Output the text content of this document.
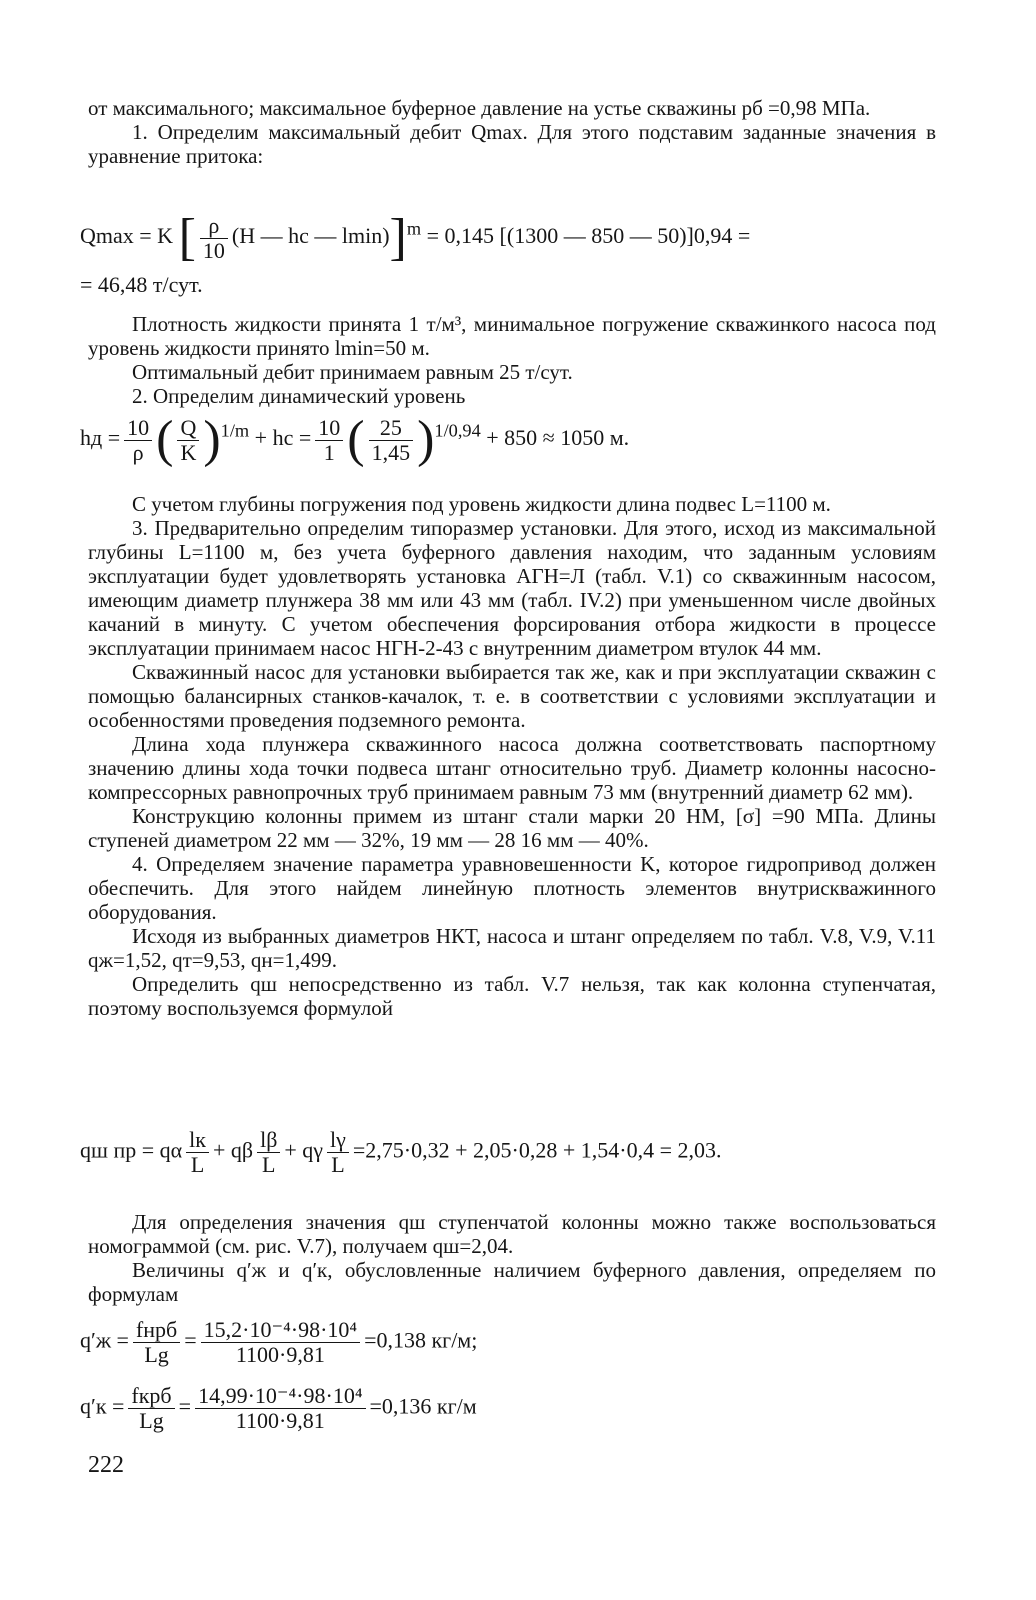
от максимального; максимальное буферное давление на устье скважины pб =0,98 МПа.

1. Определим максимальный дебит Qmax. Для этого подставим заданные значения в уравнение притока:

Qmax = K [ $\frac{\rho}{10} (H$ — hc — lmin)]$^m$ = 0,145 [(1300 — 850 — 50)]0,94 =
= 46,48 т/сут.

Плотность жидкости принята 1 т/м³, минимальное погружение скважинкого насоса под уровень жидкости принято lmin=50 м.

Оптимальный дебит принимаем равным 25 т/сут.

2. Определим динамический уровень

hд = $\frac{10}{\rho}$ ( $\frac{Q}{K} )^{1/m}$ + hc = $\frac{10}{1}$ ( $\frac{25}{1,45} )^{1/0,94} + 850 \approx 1050$ м.

С учетом глубины погружения под уровень жидкости длина подвес L=1100 м.

3. Предварительно определим типоразмер установки. Для этого, исход из максимальной глубины L=1100 м, без учета буферного давления находим, что заданным условиям эксплуатации будет удовлетворять установка АГН=Л (табл. V.1) со скважинным насосом, имеющим диаметр плунжера 38 мм или 43 мм (табл. IV.2) при уменьшенном числе двойных качаний в минуту. С учетом обеспечения форсирования отбора жидкости в процессе эксплуатации принимаем насос НГН-2-43 с внутренним диаметром втулок 44 мм.

Скважинный насос для установки выбирается так же, как и при эксплуатации скважин с помощью балансирных станков-качалок, т. е. в соответствии с условиями эксплуатации и особенностями проведения подземного ремонта.

Длина хода плунжера скважинного насоса должна соответствовать паспортному значению длины хода точки подвеса штанг относительно труб. Диаметр колонны насосно-компрессорных равнопрочных труб принимаем равным 73 мм (внутренний диаметр 62 мм).

Конструкцию колонны примем из штанг стали марки 20 НМ, [σ] =90 МПа. Длины ступеней диаметром 22 мм — 32%, 19 мм — 28 16 мм — 40%.

4. Определяем значение параметра уравновешенности K, которое гидропривод должен обеспечить. Для этого найдем линейную плотность элементов внутрискважинного оборудования.

Исходя из выбранных диаметров НКТ, насоса и штанг определяем по табл. V.8, V.9, V.11 qж=1,52, qт=9,53, qн=1,499.

Определить qш непосредственно из табл. V.7 нельзя, так как колонна ступенчатая, поэтому воспользуемся формулой

qш пр = qα $\frac{lк}{L} + q\beta \frac{l\beta}{L} + q\gamma \frac{l\gamma}{L} =2,75\cdot 0,32 + 2,05\cdot 0,28 + 1,54\cdot 0,4 = 2,03$.

Для определения значения qш ступенчатой колонны можно также воспользоваться номограммой (см. рис. V.7), получаем qш=2,04.

Величины q′ж и q′к, обусловленные наличием буферного давления, определяем по формулам

$q'ж = \frac{\text{fнpб}}{Lg} = \frac{\text{15,2·10⁻⁴·98·10⁴}}{1100\cdot 9,81} =0,138$ кг/м;
$q'к = \frac{\text{fкpб}}{Lg} = \frac{\text{14,99·10⁻⁴·98·10⁴}}{1100\cdot 9,81} =0,136$ кг/м
222
